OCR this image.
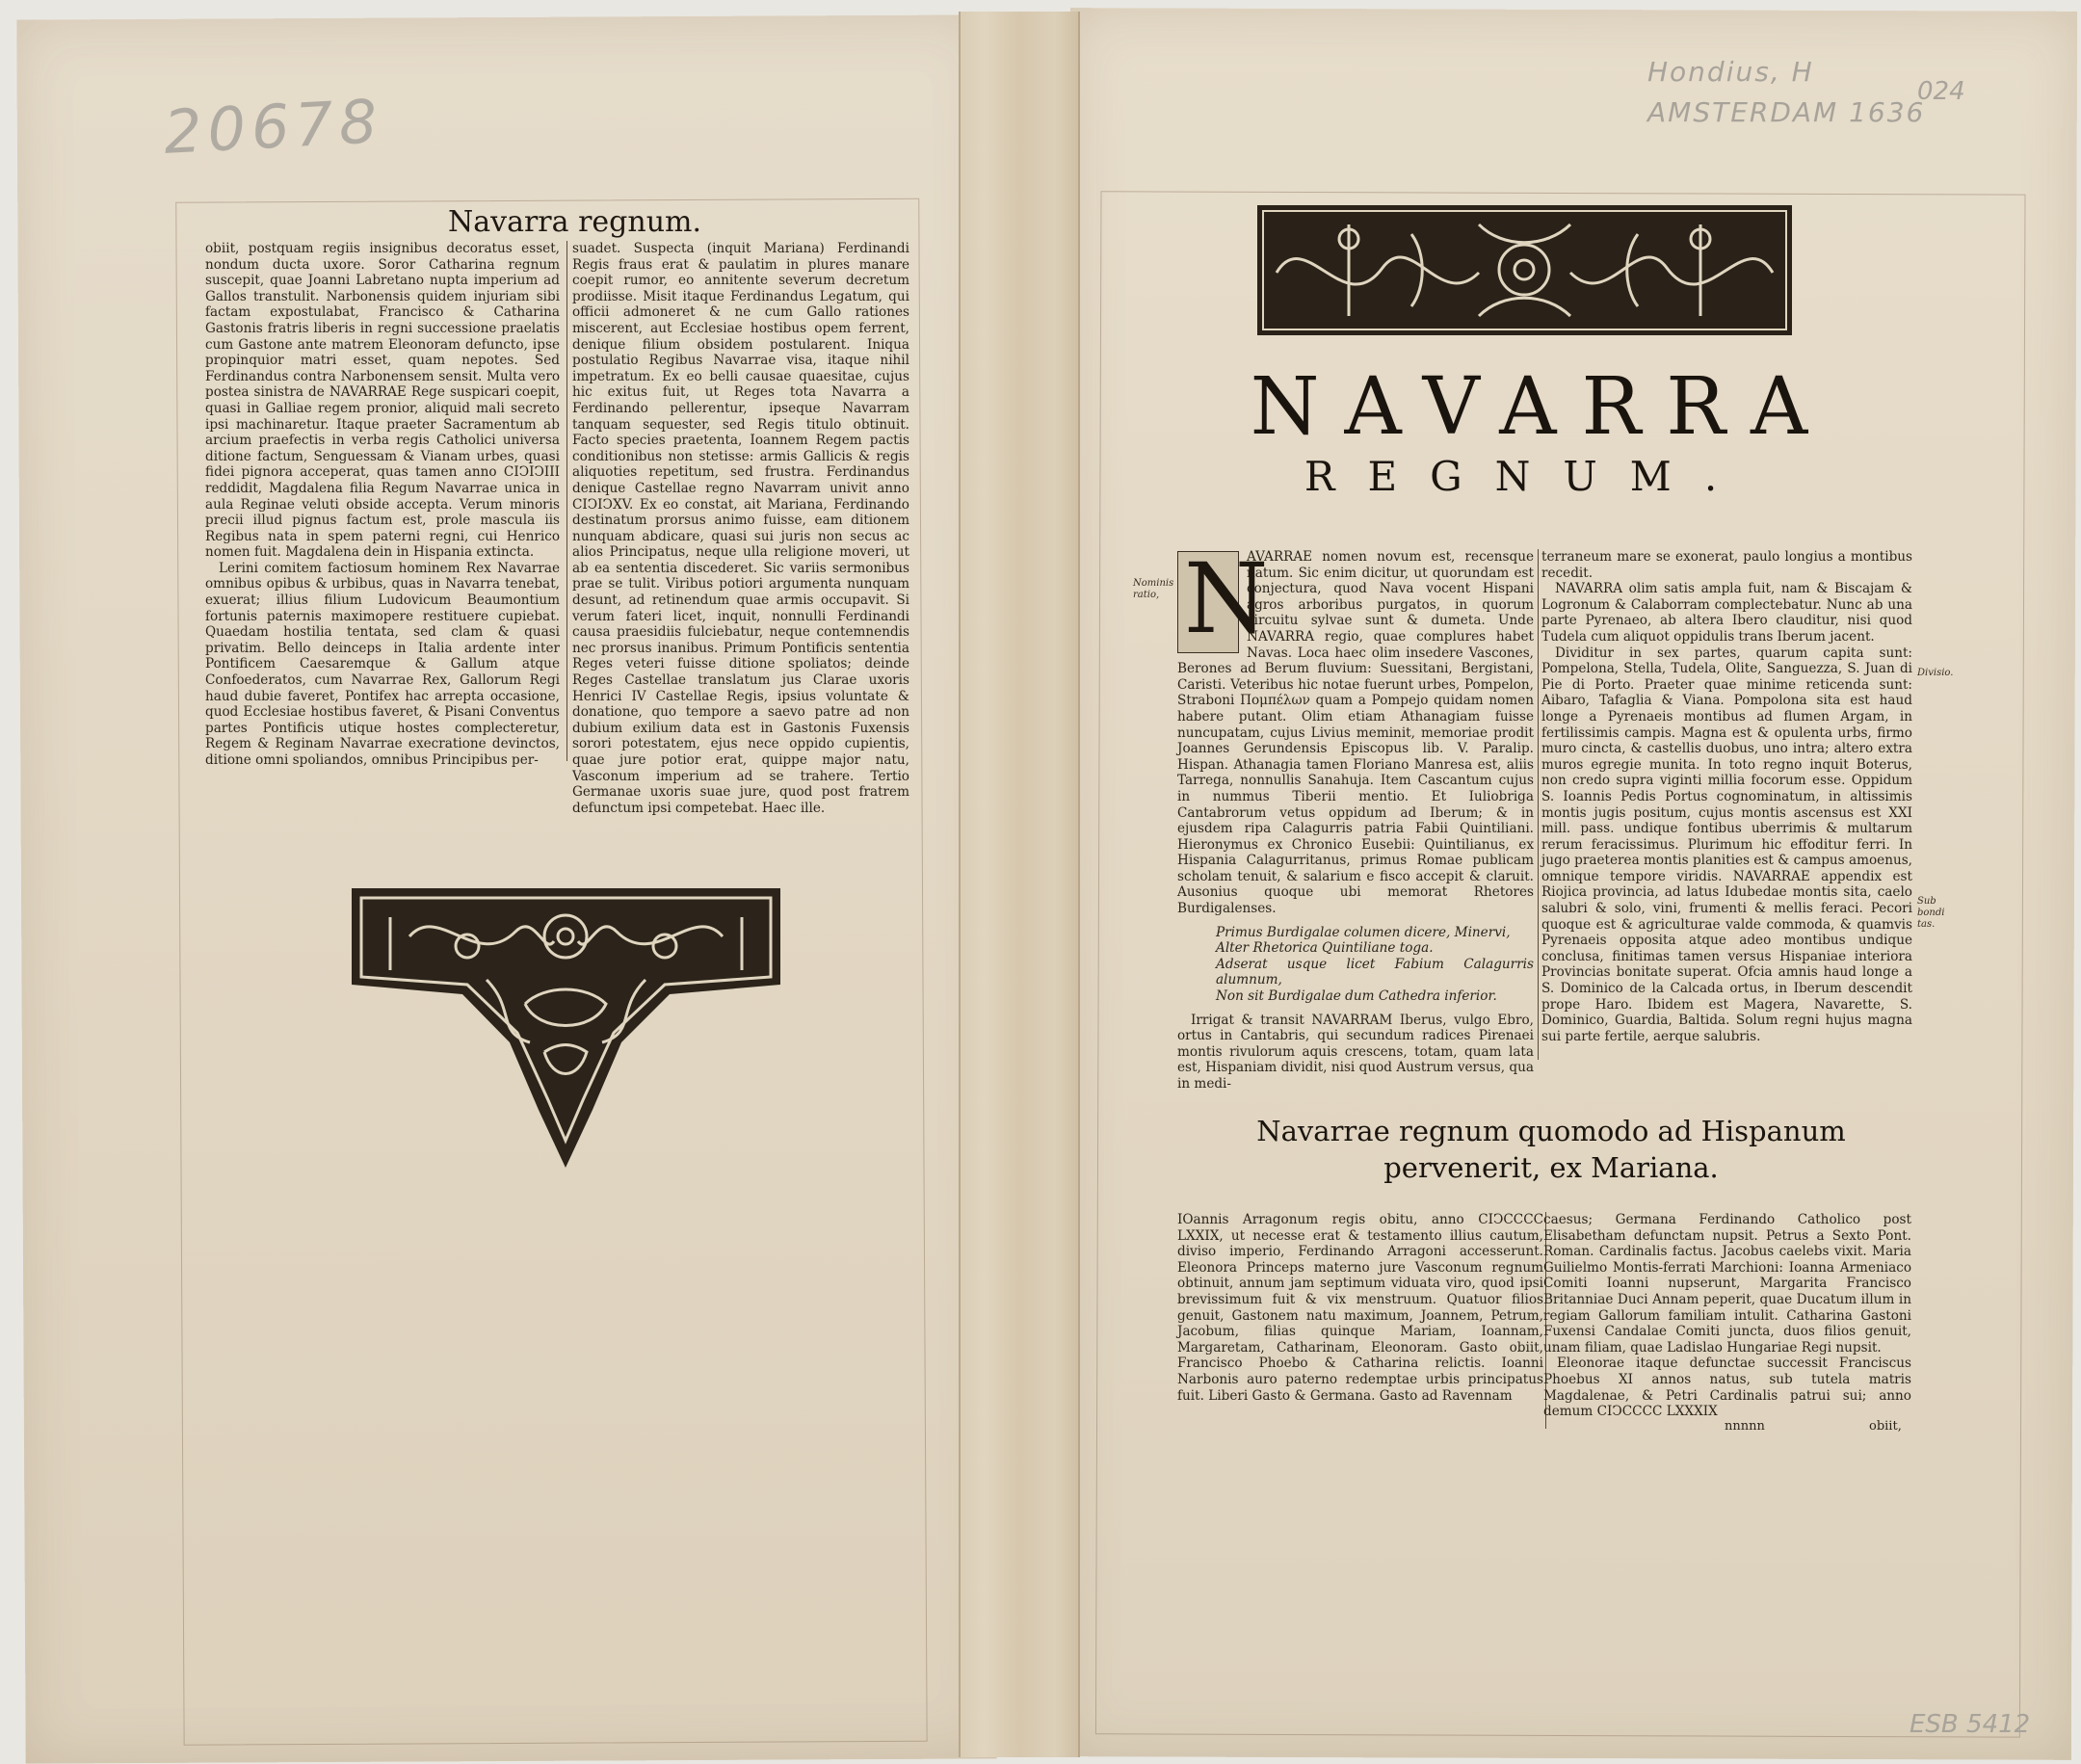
20678
Hondius, H
AMSTERDAM 1636
024
ESB 5412
Navarra regnum.

obiit, postquam regiis insignibus decoratus esset, nondum ducta uxore. Soror Catharina regnum suscepit, quae Joanni Labretano nupta imperium ad Gallos transtulit. Narbonensis quidem injuriam sibi factam expostulabat, Francisco & Catharina Gastonis fratris liberis in regni successione praelatis cum Gastone ante matrem Eleonoram defuncto, ipse propinquior matri esset, quam nepotes. Sed Ferdinandus contra Narbonensem sensit. Multa vero postea sinistra de NAVARRAE Rege suspicari coepit, quasi in Galliae regem pronior, aliquid mali secreto ipsi machinaretur. Itaque praeter Sacramentum ab arcium praefectis in verba regis Catholici universa ditione factum, Senguessam & Vianam urbes, quasi fidei pignora acceperat, quas tamen anno CIↃIↃIII reddidit, Magdalena filia Regum Navarrae unica in aula Reginae veluti obside accepta. Verum minoris precii illud pignus factum est, prole mascula iis Regibus nata in spem paterni regni, cui Henrico nomen fuit. Magdalena dein in Hispania extincta.

Lerini comitem factiosum hominem Rex Navarrae omnibus opibus & urbibus, quas in Navarra tenebat, exuerat; illius filium Ludovicum Beaumontium fortunis paternis maximopere restituere cupiebat. Quaedam hostilia tentata, sed clam & quasi privatim. Bello deinceps in Italia ardente inter Pontificem Caesaremque & Gallum atque Confoederatos, cum Navarrae Rex, Gallorum Regi haud dubie faveret, Pontifex hac arrepta occasione, quod Ecclesiae hostibus faveret, & Pisani Conventus partes Pontificis utique hostes complecteretur, Regem & Reginam Navarrae execratione devinctos, ditione omni spoliandos, omnibus Principibus per-

suadet. Suspecta (inquit Mariana) Ferdinandi Regis fraus erat & paulatim in plures manare coepit rumor, eo annitente severum decretum prodiisse. Misit itaque Ferdinandus Legatum, qui officii admoneret & ne cum Gallo rationes miscerent, aut Ecclesiae hostibus opem ferrent, denique filium obsidem postularent. Iniqua postulatio Regibus Navarrae visa, itaque nihil impetratum. Ex eo belli causae quaesitae, cujus hic exitus fuit, ut Reges tota Navarra a Ferdinando pellerentur, ipseque Navarram tanquam sequester, sed Regis titulo obtinuit. Facto species praetenta, Ioannem Regem pactis conditionibus non stetisse: armis Gallicis & regis aliquoties repetitum, sed frustra. Ferdinandus denique Castellae regno Navarram univit anno CIↃIↃXV. Ex eo constat, ait Mariana, Ferdinando destinatum prorsus animo fuisse, eam ditionem nunquam abdicare, quasi sui juris non secus ac alios Principatus, neque ulla religione moveri, ut ab ea sententia discederet. Sic variis sermonibus prae se tulit. Viribus potiori argumenta nunquam desunt, ad retinendum quae armis occupavit. Si verum fateri licet, inquit, nonnulli Ferdinandi causa praesidiis fulciebatur, neque contemnendis nec prorsus inanibus. Primum Pontificis sententia Reges veteri fuisse ditione spoliatos; deinde Reges Castellae translatum jus Clarae uxoris Henrici IV Castellae Regis, ipsius voluntate & donatione, quo tempore a saevo patre ad non dubium exilium data est in Gastonis Fuxensis sorori potestatem, ejus nece oppido cupientis, quae jure potior erat, quippe major natu, Vasconum imperium ad se trahere. Tertio Germanae uxoris suae jure, quod post fratrem defunctum ipsi competebat. Haec ille.

NAVARRA
REGNUM.
Nominis ratio,
Divisio.
Sub bondi tas.
N

AVARRAE nomen novum est, recensque natum. Sic enim dicitur, ut quorundam est conjectura, quod Nava vocent Hispani agros arboribus purgatos, in quorum circuitu sylvae sunt & dumeta. Unde NAVARRA regio, quae complures habet Navas. Loca haec olim insedere Vascones, Berones ad Berum fluvium: Suessitani, Bergistani, Caristi. Veteribus hic notae fuerunt urbes, Pompelon, Straboni Πομπέλων quam a Pompejo quidam nomen habere putant. Olim etiam Athanagiam fuisse nuncupatam, cujus Livius meminit, memoriae prodit Joannes Gerundensis Episcopus lib. V. Paralip. Hispan. Athanagia tamen Floriano Manresa est, aliis Tarrega, nonnullis Sanahuja. Item Cascantum cujus in nummus Tiberii mentio. Et Iuliobriga Cantabrorum vetus oppidum ad Iberum; & in ejusdem ripa Calagurris patria Fabii Quintiliani. Hieronymus ex Chronico Eusebii: Quintilianus, ex Hispania Calagurritanus, primus Romae publicam scholam tenuit, & salarium e fisco accepit & claruit. Ausonius quoque ubi memorat Rhetores Burdigalenses.

Primus Burdigalae columen dicere, Minervi,
Alter Rhetorica Quintiliane toga.
Adserat usque licet Fabium Calagurris alumnum,
Non sit Burdigalae dum Cathedra inferior.

Irrigat & transit NAVARRAM Iberus, vulgo Ebro, ortus in Cantabris, qui secundum radices Pirenaei montis rivulorum aquis crescens, totam, quam lata est, Hispaniam dividit, nisi quod Austrum versus, qua in medi-

terraneum mare se exonerat, paulo longius a montibus recedit.

NAVARRA olim satis ampla fuit, nam & Biscajam & Logronum & Calaborram complectebatur. Nunc ab una parte Pyrenaeo, ab altera Ibero clauditur, nisi quod Tudela cum aliquot oppidulis trans Iberum jacent.

Dividitur in sex partes, quarum capita sunt: Pompelona, Stella, Tudela, Olite, Sanguezza, S. Juan di Pie di Porto. Praeter quae minime reticenda sunt: Aibaro, Tafaglia & Viana. Pompolona sita est haud longe a Pyrenaeis montibus ad flumen Argam, in fertilissimis campis. Magna est & opulenta urbs, firmo muro cincta, & castellis duobus, uno intra; altero extra muros egregie munita. In toto regno inquit Boterus, non credo supra viginti millia focorum esse. Oppidum S. Ioannis Pedis Portus cognominatum, in altissimis montis jugis positum, cujus montis ascensus est XXI mill. pass. undique fontibus uberrimis & multarum rerum feracissimus. Plurimum hic effoditur ferri. In jugo praeterea montis planities est & campus amoenus, omnique tempore viridis. NAVARRAE appendix est Riojica provincia, ad latus Idubedae montis sita, caelo salubri & solo, vini, frumenti & mellis feraci. Pecori quoque est & agriculturae valde commoda, & quamvis Pyrenaeis opposita atque adeo montibus undique conclusa, finitimas tamen versus Hispaniae interiora Provincias bonitate superat. Ofcia amnis haud longe a S. Dominico de la Calcada ortus, in Iberum descendit prope Haro. Ibidem est Magera, Navarette, S. Dominico, Guardia, Baltida. Solum regni hujus magna sui parte fertile, aerque salubris.

Navarrae regnum quomodo ad Hispanum pervenerit, ex Mariana.

IOannis Arragonum regis obitu, anno CIↃCCCC LXXIX, ut necesse erat & testamento illius cautum, diviso imperio, Ferdinando Arragoni accesserunt. Eleonora Princeps materno jure Vasconum regnum obtinuit, annum jam septimum viduata viro, quod ipsi brevissimum fuit & vix menstruum. Quatuor filios genuit, Gastonem natu maximum, Joannem, Petrum, Jacobum, filias quinque Mariam, Ioannam, Margaretam, Catharinam, Eleonoram. Gasto obiit, Francisco Phoebo & Catharina relictis. Ioanni Narbonis auro paterno redemptae urbis principatus fuit. Liberi Gasto & Germana. Gasto ad Ravennam

caesus; Germana Ferdinando Catholico post Elisabetham defunctam nupsit. Petrus a Sexto Pont. Roman. Cardinalis factus. Jacobus caelebs vixit. Maria Guilielmo Montis-ferrati Marchioni: Ioanna Armeniaco Comiti Ioanni nupserunt, Margarita Francisco Britanniae Duci Annam peperit, quae Ducatum illum in regiam Gallorum familiam intulit. Catharina Gastoni Fuxensi Candalae Comiti juncta, duos filios genuit, unam filiam, quae Ladislao Hungariae Regi nupsit.

Eleonorae itaque defunctae successit Franciscus Phoebus XI annos natus, sub tutela matris Magdalenae, & Petri Cardinalis patrui sui; anno demum CIↃCCCC LXXXIX

nnnnn	obiit,
